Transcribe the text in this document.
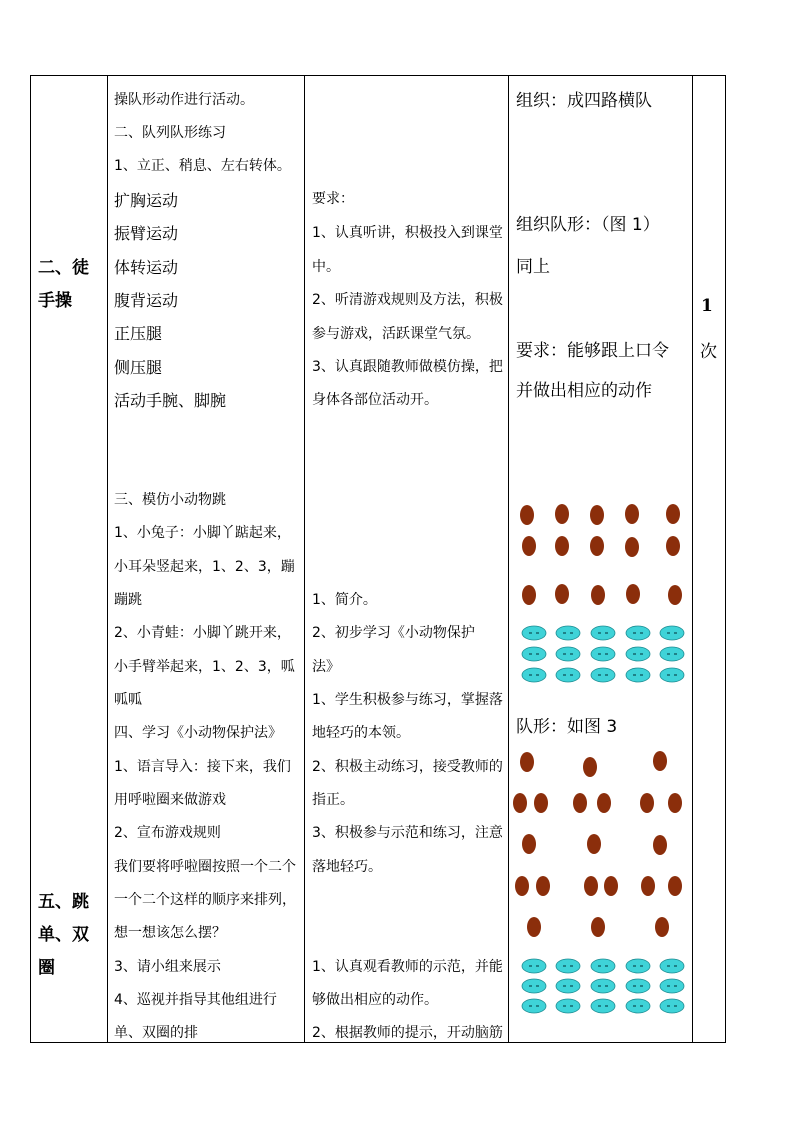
二、徒
手操
五、跳
单、双
圈
操队形动作进行活动。
二、队列队形练习
1、立正、稍息、左右转体。
扩胸运动
振臂运动
体转运动
腹背运动
正压腿
侧压腿
活动手腕、脚腕
三、模仿小动物跳
1、小兔子：小脚丫踮起来，
小耳朵竖起来，1、2、3，蹦
蹦跳
2、小青蛙：小脚丫跳开来，
小手臂举起来，1、2、3，呱
呱呱
四、学习《小动物保护法》
1、语言导入：接下来，我们
用呼啦圈来做游戏
2、宣布游戏规则
我们要将呼啦圈按照一个二个
一个二个这样的顺序来排列，
想一想该怎么摆？
3、请小组来展示
4、巡视并指导其他组进行
单、双圈的排
要求：
1、认真听讲，积极投入到课堂
中。
2、听清游戏规则及方法，积极
参与游戏，活跃课堂气氛。
3、认真跟随教师做模仿操，把
身体各部位活动开。
1、简介。
2、初步学习《小动物保护
法》
1、学生积极参与练习，掌握落
地轻巧的本领。
2、积极主动练习，接受教师的
指正。
3、积极参与示范和练习，注意
落地轻巧。
1、认真观看教师的示范，并能
够做出相应的动作。
2、根据教师的提示，开动脑筋
组织：成四路横队
组织队形：（图 1）
同上
要求：能够跟上口令
并做出相应的动作
队形：如图 3
1
次
